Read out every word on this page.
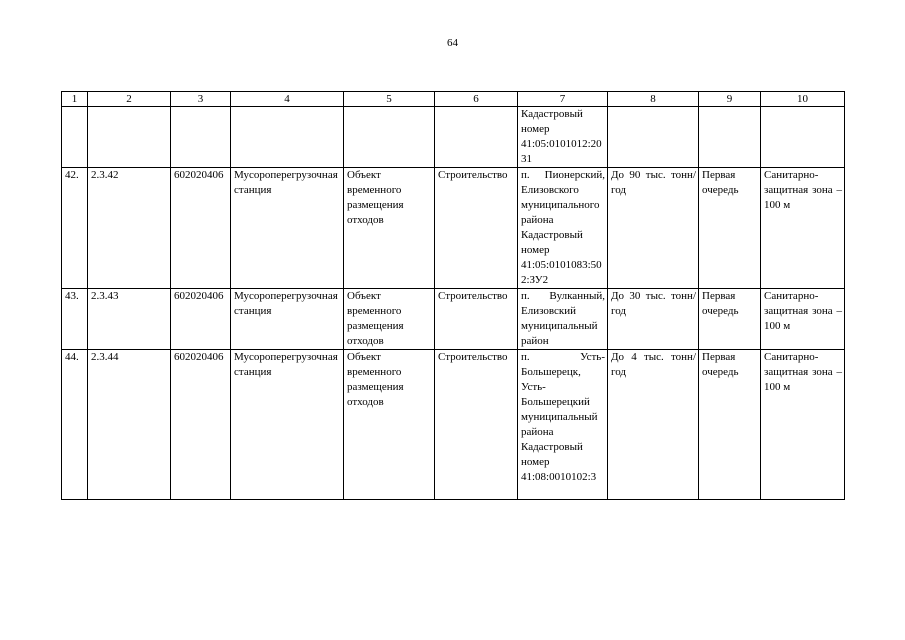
64
1	2	3	4	5	6	7	8	9	10
						Кадастровый номер 41:05:0101012:2031			
42.	2.3.42	602020406	Мусороперегрузочная станция	Объект временного размещения отходов	Строительство	п. Пионерский, Елизовского муниципального района Кадастровый номер 41:05:0101083:502:ЗУ2	До 90 тыс. тонн/год	Первая очередь	Санитарно-защитная зона – 100 м
43.	2.3.43	602020406	Мусороперегрузочная станция	Объект временного размещения отходов	Строительство	п. Вулканный, Елизовский муниципальный район	До 30 тыс. тонн/год	Первая очередь	Санитарно-защитная зона – 100 м
44.	2.3.44	602020406	Мусороперегрузочная станция	Объект временного размещения отходов	Строительство	п. Усть-Большерецк, Усть-Большерецкий муниципальный района Кадастровый номер 41:08:0010102:3	До 4 тыс. тонн/год	Первая очередь	Санитарно-защитная зона – 100 м
